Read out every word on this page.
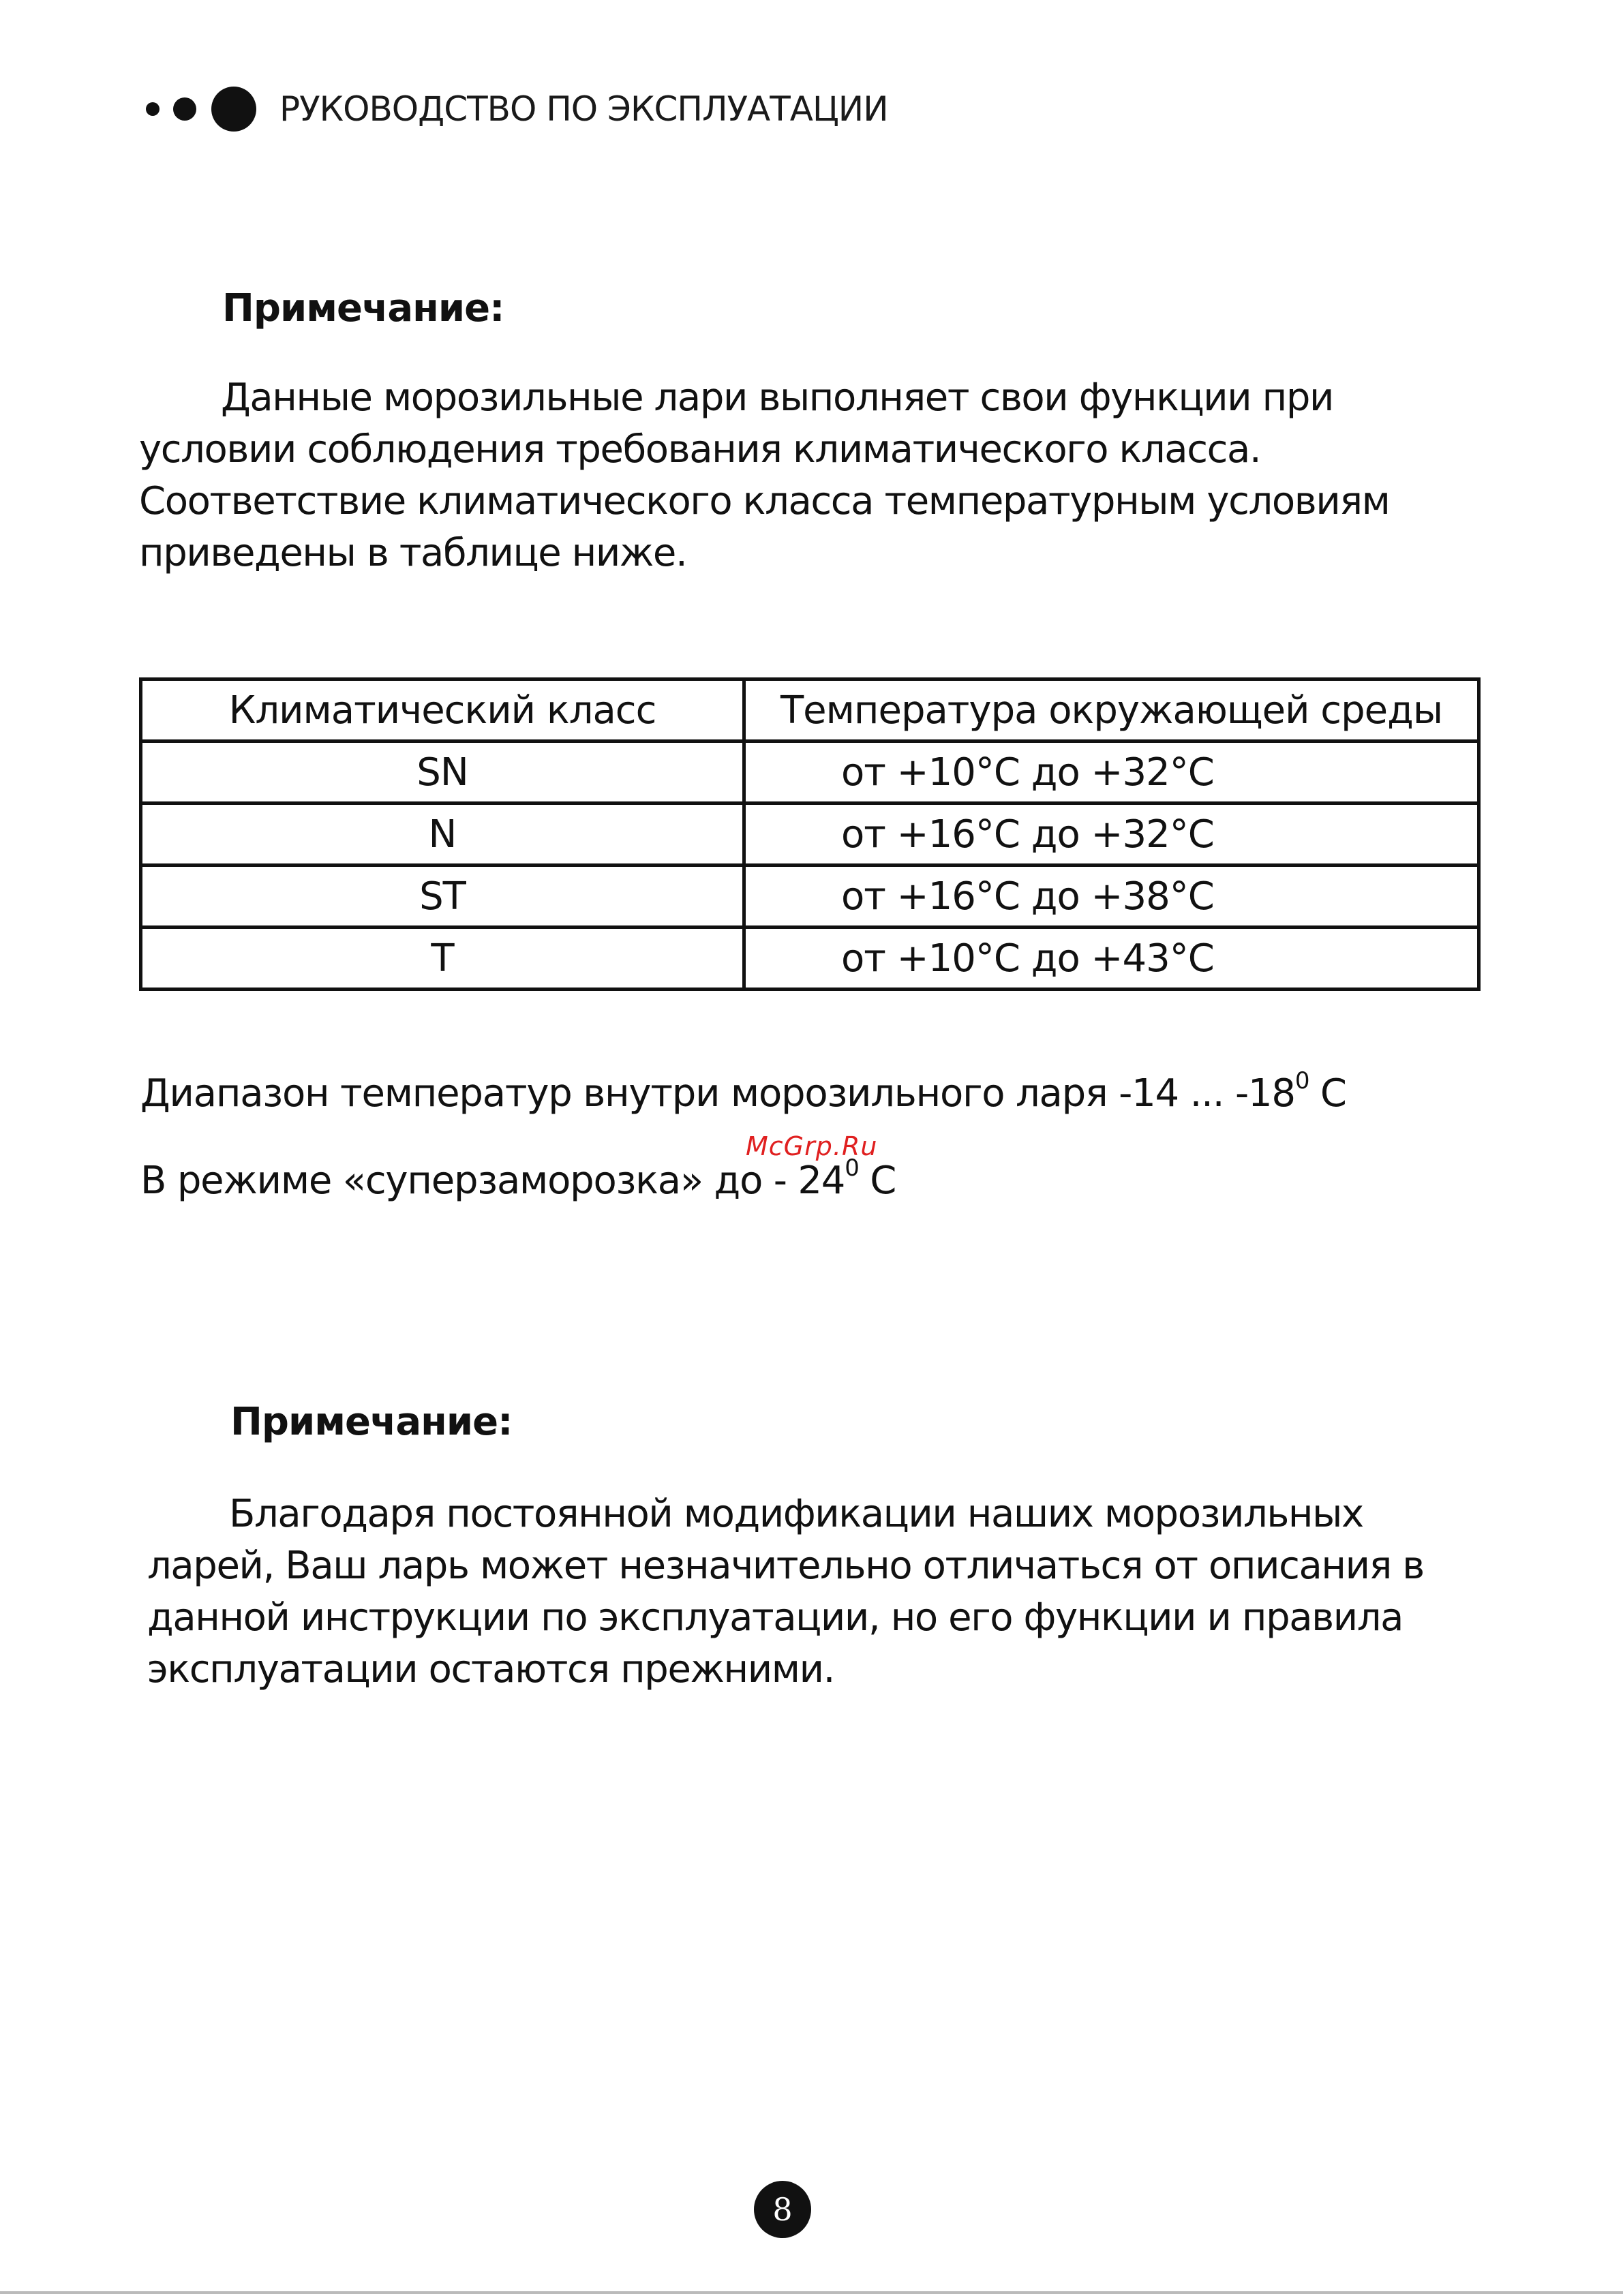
РУКОВОДСТВО ПО ЭКСПЛУАТАЦИИ
Примечание:
Данные морозильные лари выполняет свои функции при
условии соблюдения требования климатического класса.
Соответствие климатического класса температурным условиям
приведены в таблице ниже.
Климатический класс	Температура окружающей среды
SN	от +10°С до +32°С
N	от +16°С до +32°С
ST	от +16°С до +38°С
T	от +10°С до +43°С
Диапазон температур внутри морозильного ларя -14 ... $-18^0$ С
McGrp.Ru
В режиме «суперзаморозка» до - $24^0$ С
Примечание:
Благодаря постоянной модификации наших морозильных
ларей, Ваш ларь может незначительно отличаться от описания в
данной инструкции по эксплуатации, но его функции и правила
эксплуатации остаются прежними.
8
